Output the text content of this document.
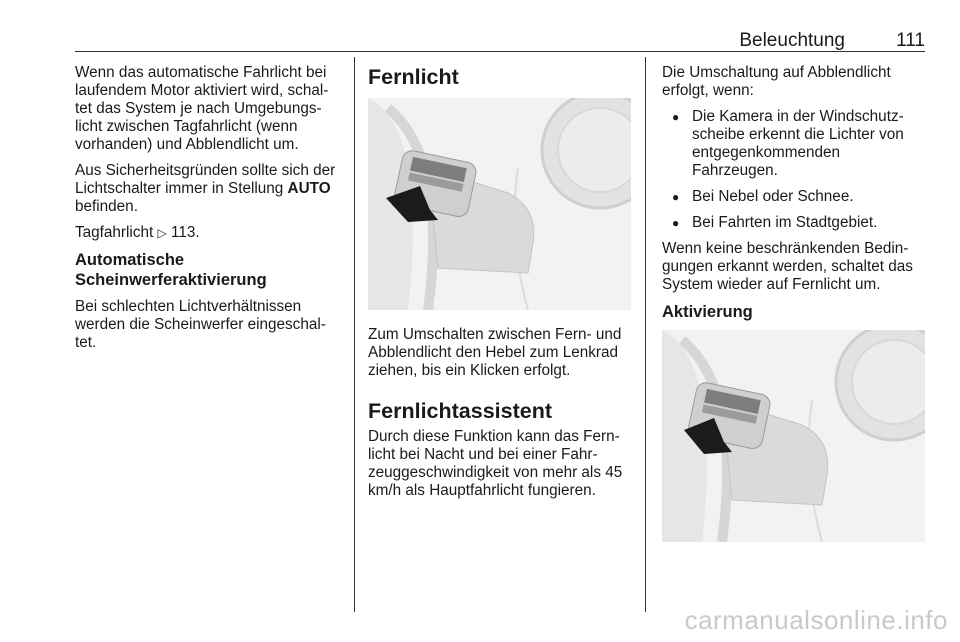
Beleuchtung	111

Wenn das automatische Fahrlicht bei laufendem Motor aktiviert wird, schal-tet das System je nach Umgebungs-licht zwischen Tagfahrlicht (wenn vorhanden) und Abblendlicht um.

Aus Sicherheitsgründen sollte sich der Lichtschalter immer in Stellung AUTO befinden.

Tagfahrlicht ▷ 113.

Automatische Scheinwerferaktivierung

Bei schlechten Lichtverhältnissen werden die Scheinwerfer eingeschal-tet.

Fernlicht

Zum Umschalten zwischen Fern- und Abblendlicht den Hebel zum Lenkrad ziehen, bis ein Klicken erfolgt.

Fernlichtassistent

Durch diese Funktion kann das Fern-licht bei Nacht und bei einer Fahr-zeuggeschwindigkeit von mehr als 45 km/h als Hauptfahrlicht fungieren.

Die Umschaltung auf Abblendlicht erfolgt, wenn:

● Die Kamera in der Windschutz-scheibe erkennt die Lichter von entgegenkommenden Fahrzeugen.
● Bei Nebel oder Schnee.
● Bei Fahrten im Stadtgebiet.

Wenn keine beschränkenden Bedin-gungen erkannt werden, schaltet das System wieder auf Fernlicht um.

Aktivierung
carmanualsonline.info
